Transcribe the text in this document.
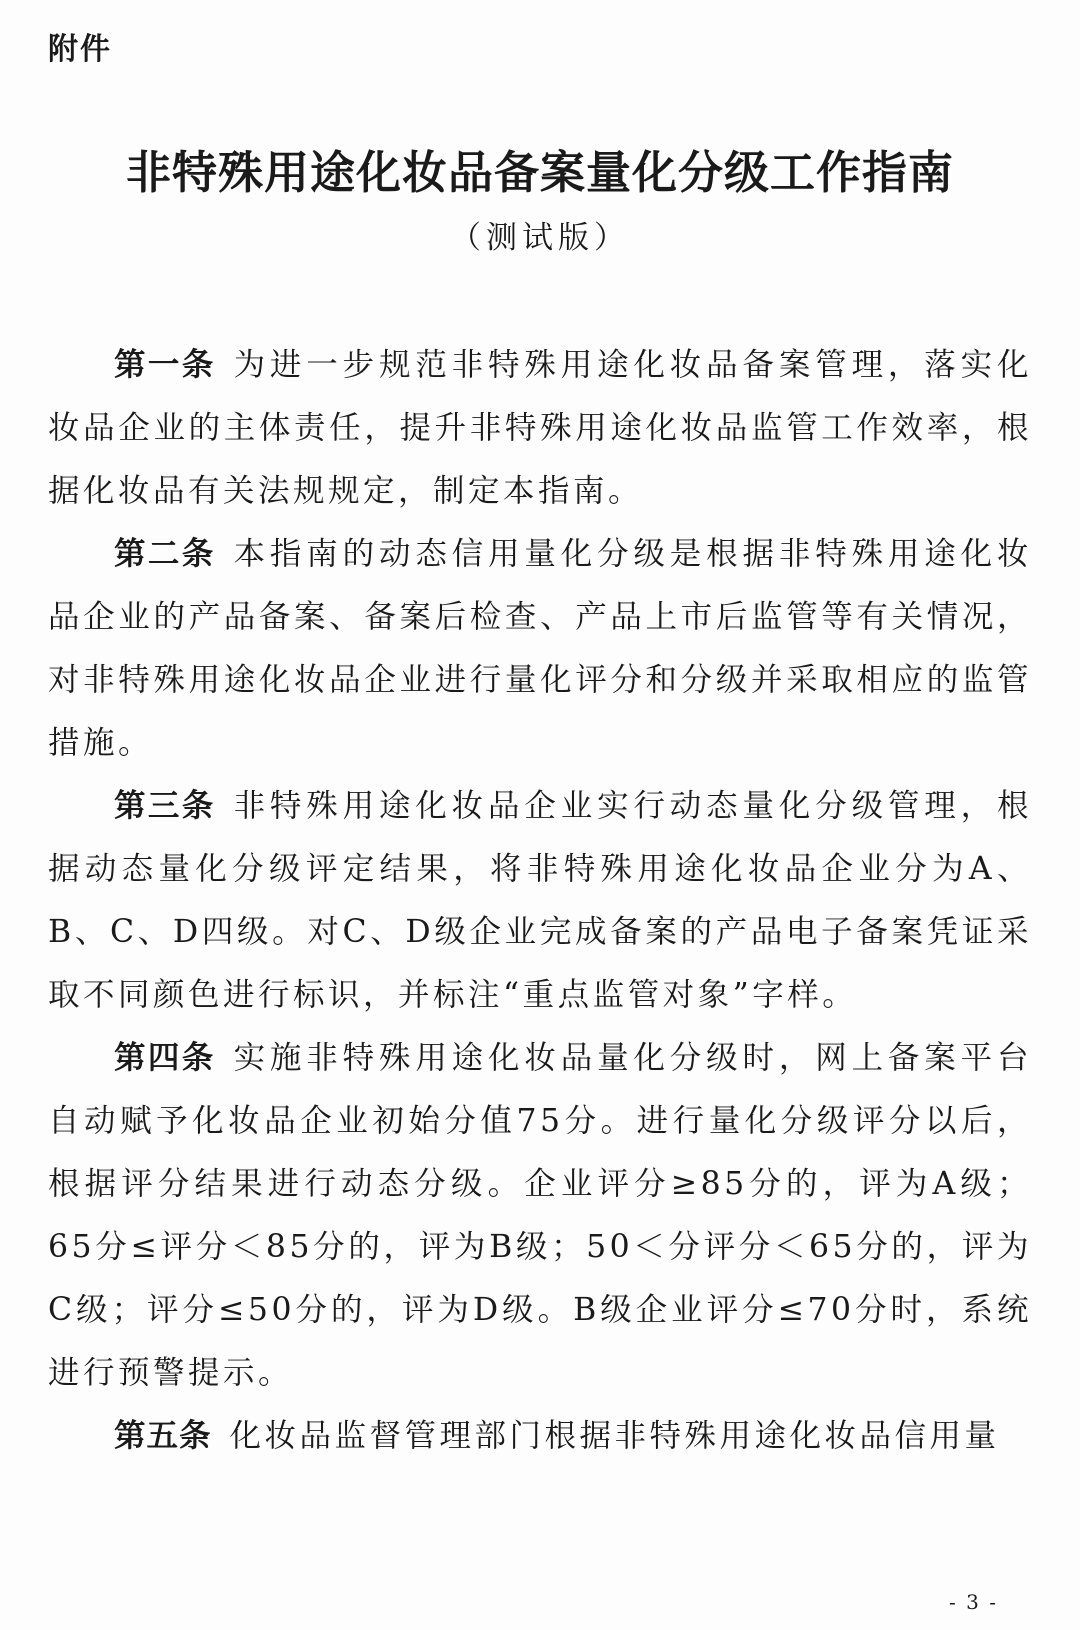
附件
非特殊用途化妆品备案量化分级工作指南
（测试版）

第一条 为进一步规范非特殊用途化妆品备案管理，落实化妆品企业的主体责任，提升非特殊用途化妆品监管工作效率，根据化妆品有关法规规定，制定本指南。

第二条 本指南的动态信用量化分级是根据非特殊用途化妆品企业的产品备案、备案后检查、产品上市后监管等有关情况，对非特殊用途化妆品企业进行量化评分和分级并采取相应的监管措施。

第三条 非特殊用途化妆品企业实行动态量化分级管理，根据动态量化分级评定结果，将非特殊用途化妆品企业分为A、B、C、D四级。对C、D级企业完成备案的产品电子备案凭证采取不同颜色进行标识，并标注“重点监管对象”字样。

第四条 实施非特殊用途化妆品量化分级时，网上备案平台自动赋予化妆品企业初始分值75分。进行量化分级评分以后，根据评分结果进行动态分级。企业评分≥85分的，评为A级；65分≤评分＜85分的，评为B级；50＜分评分＜65分的，评为C级；评分≤50分的，评为D级。B级企业评分≤70分时，系统进行预警提示。

第五条 化妆品监督管理部门根据非特殊用途化妆品信用量

- 3 -
